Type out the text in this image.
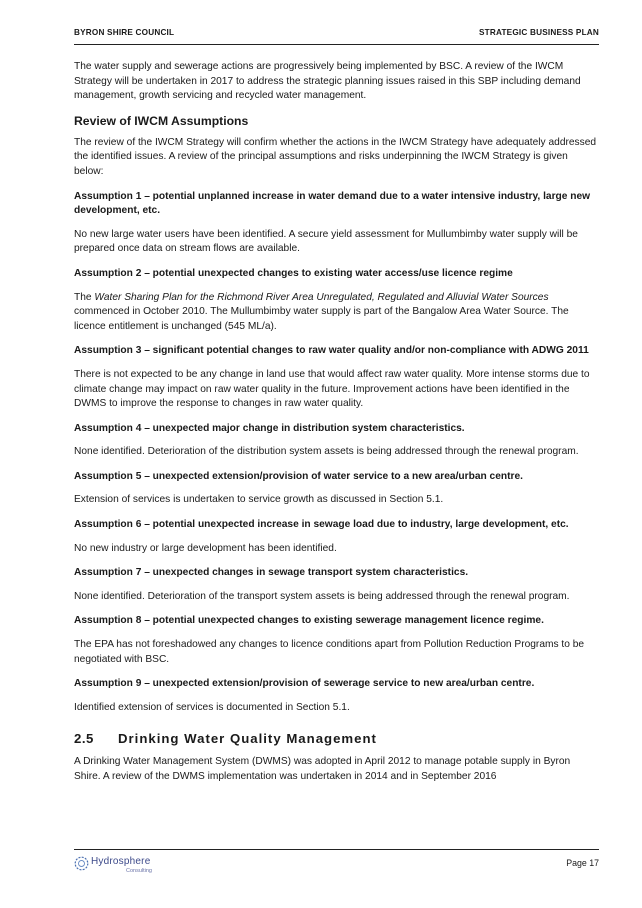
BYRON SHIRE COUNCIL	STRATEGIC BUSINESS PLAN

The water supply and sewerage actions are progressively being implemented by BSC. A review of the IWCM Strategy will be undertaken in 2017 to address the strategic planning issues raised in this SBP including demand management, growth servicing and recycled water management.

Review of IWCM Assumptions

The review of the IWCM Strategy will confirm whether the actions in the IWCM Strategy have adequately addressed the identified issues. A review of the principal assumptions and risks underpinning the IWCM Strategy is given below:

Assumption 1 – potential unplanned increase in water demand due to a water intensive industry, large new development, etc.

No new large water users have been identified. A secure yield assessment for Mullumbimby water supply will be prepared once data on stream flows are available.

Assumption 2 – potential unexpected changes to existing water access/use licence regime

The Water Sharing Plan for the Richmond River Area Unregulated, Regulated and Alluvial Water Sources commenced in October 2010. The Mullumbimby water supply is part of the Bangalow Area Water Source. The licence entitlement is unchanged (545 ML/a).

Assumption 3 – significant potential changes to raw water quality and/or non-compliance with ADWG 2011

There is not expected to be any change in land use that would affect raw water quality. More intense storms due to climate change may impact on raw water quality in the future. Improvement actions have been identified in the DWMS to improve the response to changes in raw water quality.

Assumption 4 – unexpected major change in distribution system characteristics.

None identified. Deterioration of the distribution system assets is being addressed through the renewal program.

Assumption 5 – unexpected extension/provision of water service to a new area/urban centre.

Extension of services is undertaken to service growth as discussed in Section 5.1.

Assumption 6 – potential unexpected increase in sewage load due to industry, large development, etc.

No new industry or large development has been identified.

Assumption 7 – unexpected changes in sewage transport system characteristics.

None identified. Deterioration of the transport system assets is being addressed through the renewal program.

Assumption 8 – potential unexpected changes to existing sewerage management licence regime.

The EPA has not foreshadowed any changes to licence conditions apart from Pollution Reduction Programs to be negotiated with BSC.

Assumption 9 – unexpected extension/provision of sewerage service to new area/urban centre.

Identified extension of services is documented in Section 5.1.

2.5 Drinking Water Quality Management

A Drinking Water Management System (DWMS) was adopted in April 2012 to manage potable supply in Byron Shire. A review of the DWMS implementation was undertaken in 2014 and in September 2016

Hydrosphere
Consulting
Page 17
